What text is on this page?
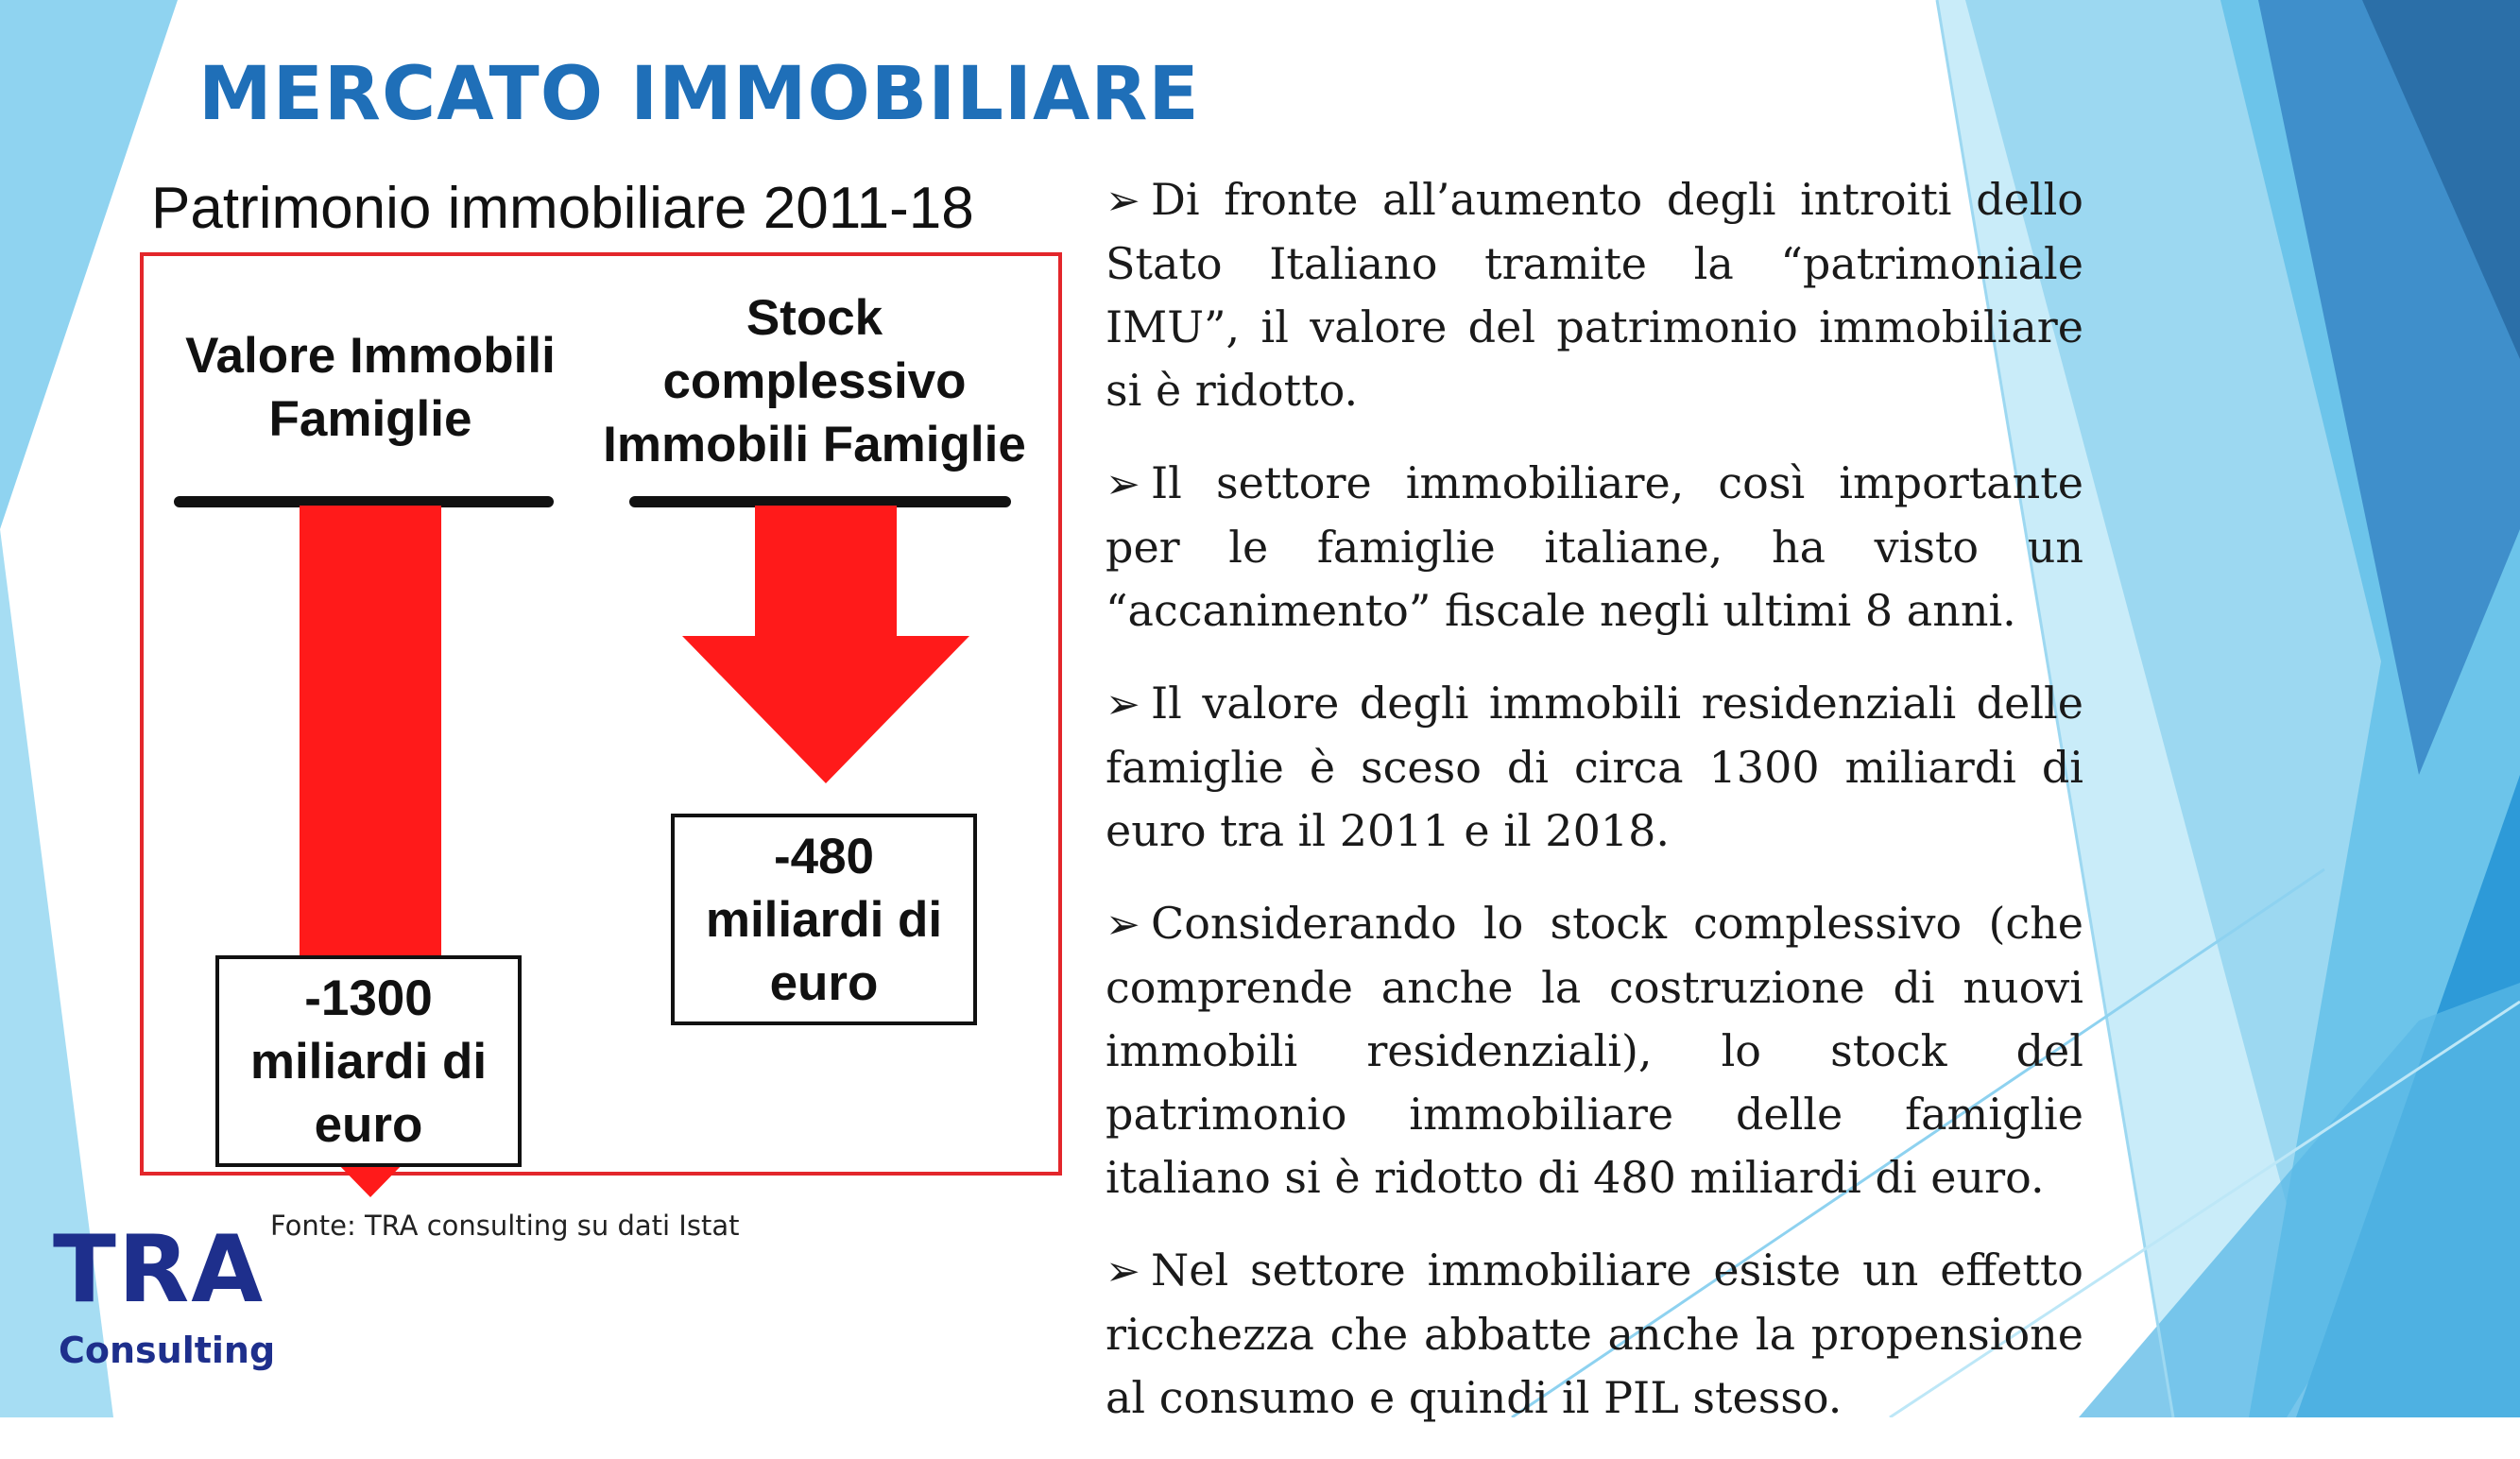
MERCATO IMMOBILIARE
Patrimonio immobiliare 2011-18
Valore Immobili Famiglie
Stock complessivo Immobili Famiglie
-1300
miliardi di
euro
-480
miliardi di
euro
Fonte: TRA consulting su dati Istat
TRA
Consulting

➢ Di fronte all’aumento degli introiti dello Stato Italiano tramite la “patrimoniale IMU”, il valore del patrimonio immobiliare si è ridotto.

➢ Il settore immobiliare, così importante per le famiglie italiane, ha visto un “accanimento” fiscale negli ultimi 8 anni.

➢ Il valore degli immobili residenziali delle famiglie è sceso di circa 1300 miliardi di euro tra il 2011 e il 2018.

➢ Considerando lo stock complessivo (che comprende anche la costruzione di nuovi immobili residenziali), lo stock del patrimonio immobiliare delle famiglie italiano si è ridotto di 480 miliardi di euro.

➢ Nel settore immobiliare esiste un effetto ricchezza che abbatte anche la propensione al consumo e quindi il PIL stesso.
